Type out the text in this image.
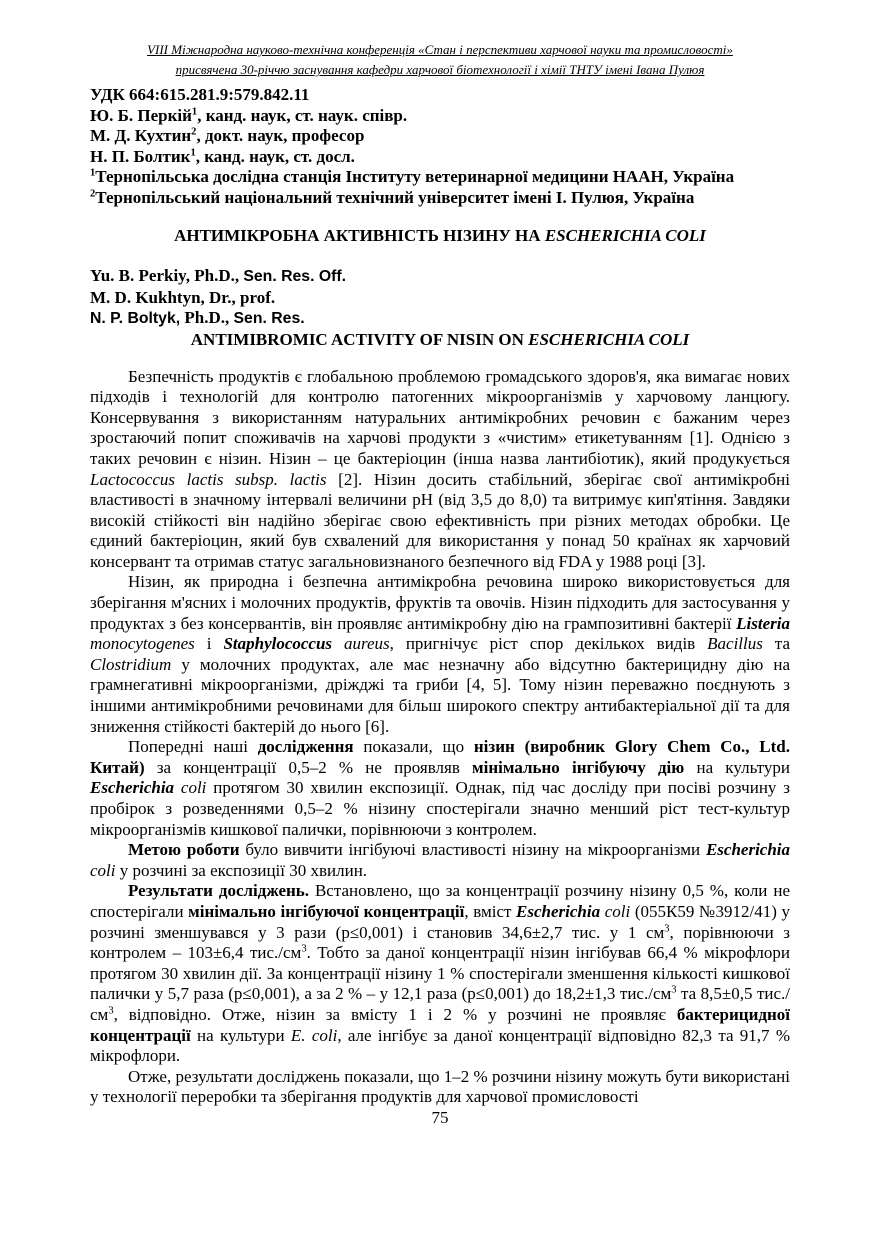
VIII Міжнародна науково-технічна конференція «Стан і перспективи харчової науки та промисловості»
присвячена 30-річчю заснування кафедри харчової біотехнології і хімії ТНТУ імені Івана Пулюя
УДК 664:615.281.9:579.842.11
Ю. Б. Перкій$^1$, канд. наук, ст. наук. співр.
М. Д. Кухтин$^2$, докт. наук, професор
Н. П. Болтик$^1$, канд. наук, ст. досл.
$^1$Тернопільська дослідна станція Інституту ветеринарної медицини НААН, Україна
$^2$Тернопільський національний технічний університет імені І. Пулюя, Україна
АНТИМІКРОБНА АКТИВНІСТЬ НІЗИНУ НА ESCHERICHIA COLI
Yu. B. Perkiy, Ph.D., Sen. Res. Off.
M. D. Kukhtyn, Dr., prof.
N. P. Boltyk, Ph.D., Sen. Res.
ANTIMIBROMIC ACTIVITY OF NISIN ON ESCHERICHIA COLI

Безпечність продуктів є глобальною проблемою громадського здоров'я, яка вимагає нових підходів і технологій для контролю патогенних мікроорганізмів у харчовому ланцюгу. Консервування з використанням натуральних антимікробних речовин є бажаним через зростаючий попит споживачів на харчові продукти з «чистим» етикетуванням [1]. Однією з таких речовин є нізин. Нізин – це бактеріоцин (інша назва лантибіотик), який продукується Lactococcus lactis subsp. lactis [2]. Нізин досить стабільний, зберігає свої антимікробні властивості в значному інтервалі величини рН (від 3,5 до 8,0) та витримує кип'ятіння. Завдяки високій стійкості він надійно зберігає свою ефективність при різних методах обробки. Це єдиний бактеріоцин, який був схвалений для використання у понад 50 країнах як харчовий консервант та отримав статус загальновизнаного безпечного від FDA у 1988 році [3].

Нізин, як природна і безпечна антимікробна речовина широко використовується для зберігання м'ясних і молочних продуктів, фруктів та овочів. Нізин підходить для застосування у продуктах з без консервантів, він проявляє антимікробну дію на грампозитивні бактерії Listeria monocytogenes і Staphylococcus aureus, пригнічує ріст спор декількох видів Bacillus та Clostridium у молочних продуктах, але має незначну або відсутню бактерицидну дію на грамнегативні мікроорганізми, дріжджі та гриби [4, 5]. Тому нізин переважно поєднують з іншими антимікробними речовинами для більш широкого спектру антибактеріальної дії та для зниження стійкості бактерій до нього [6].

Попередні наші дослідження показали, що нізин (виробник Glory Chem Co., Ltd. Китай) за концентрації 0,5–2 % не проявляв мінімально інгібуючу дію на культури Escherichia coli протягом 30 хвилин експозиції. Однак, під час досліду при посіві розчину з пробірок з розведеннями 0,5–2 % нізину спостерігали значно менший ріст тест-культур мікроорганізмів кишкової палички, порівнюючи з контролем.

Метою роботи було вивчити інгібуючі властивості нізину на мікроорганізми Escherichia coli у розчині за експозиції 30 хвилин.

Результати досліджень. Встановлено, що за концентрації розчину нізину 0,5 %, коли не спостерігали мінімально інгібуючої концентрації, вміст Escherichia coli (055К59 №3912/41) у розчині зменшувався у 3 рази (р≤0,001) і становив 34,6±2,7 тис. у 1 $см^3$, порівнюючи з контролем – 103±6,4 $тис./см^3$. Тобто за даної концентрації нізин інгібував 66,4 % мікрофлори протягом 30 хвилин дії. За концентрації нізину 1 % спостерігали зменшення кількості кишкової палички у 5,7 раза (р≤0,001), а за 2 % – у 12,1 раза (р≤0,001) до 18,2±1,3 $тис./см^3$ та 8,5±0,5 $тис./см^3$, відповідно. Отже, нізин за вмісту 1 і 2 % у розчині не проявляє бактерицидної концентрації на культури E. coli, але інгібує за даної концентрації відповідно 82,3 та 91,7 % мікрофлори.

Отже, результати досліджень показали, що 1–2 % розчини нізину можуть бути використані у технології переробки та зберігання продуктів для харчової промисловості

75
